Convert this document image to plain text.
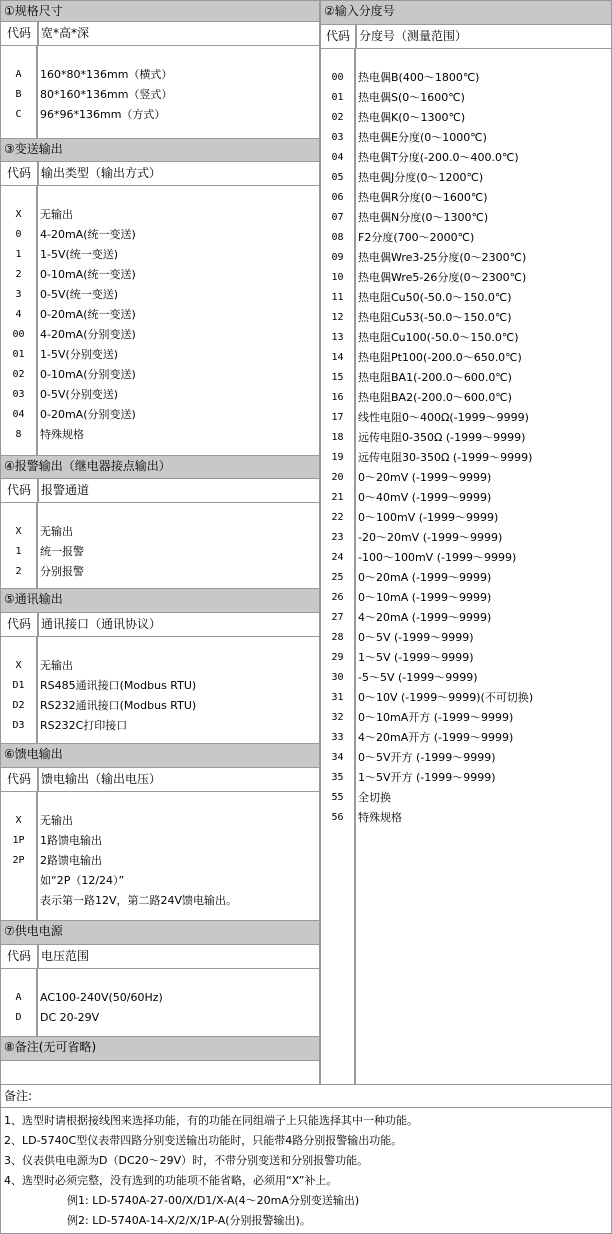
①规格尺寸
代码 宽*高*深
A	160*80*136mm（横式）
B	80*160*136mm（竖式）
C	96*96*136mm（方式）
③变送输出
代码 输出类型（输出方式）
X	无输出
0	4-20mA(统一变送)
1	1-5V(统一变送)
2	0-10mA(统一变送)
3	0-5V(统一变送)
4	0-20mA(统一变送)
00	4-20mA(分别变送)
01	1-5V(分别变送)
02	0-10mA(分别变送)
03	0-5V(分别变送)
04	0-20mA(分别变送)
8	特殊规格
④报警输出（继电器接点输出）
代码 报警通道
X	无输出
1	统一报警
2	分别报警
⑤通讯输出
代码 通讯接口（通讯协议）
X	无输出
D1	RS485通讯接口(Modbus RTU)
D2	RS232通讯接口(Modbus RTU)
D3	RS232C打印接口
⑥馈电输出
代码 馈电输出（输出电压）
X	无输出
1P	1路馈电输出
2P	2路馈电输出
如“2P（12/24）”
表示第一路12V，第二路24V馈电输出。
⑦供电电源
代码 电压范围
A	AC100-240V(50/60Hz)
D	DC 20-29V
⑧备注(无可省略)
②输入分度号
代码 分度号（测量范围）
00	热电偶B(400～1800℃)
01	热电偶S(0～1600℃)
02	热电偶K(0～1300℃)
03	热电偶E分度(0～1000℃)
04	热电偶T分度(-200.0～400.0℃)
05	热电偶J分度(0～1200℃)
06	热电偶R分度(0～1600℃)
07	热电偶N分度(0～1300℃)
08	F2分度(700～2000℃)
09	热电偶Wre3-25分度(0～2300℃)
10	热电偶Wre5-26分度(0～2300℃)
11	热电阻Cu50(-50.0～150.0℃)
12	热电阻Cu53(-50.0～150.0℃)
13	热电阻Cu100(-50.0～150.0℃)
14	热电阻Pt100(-200.0～650.0℃)
15	热电阻BA1(-200.0～600.0℃)
16	热电阻BA2(-200.0～600.0℃)
17	线性电阻0～400Ω(-1999～9999)
18	远传电阻0-350Ω (-1999～9999)
19	远传电阻30-350Ω (-1999～9999)
20	0～20mV (-1999～9999)
21	0～40mV (-1999～9999)
22	0～100mV (-1999～9999)
23	-20～20mV (-1999～9999)
24	-100～100mV (-1999～9999)
25	0～20mA (-1999～9999)
26	0～10mA (-1999～9999)
27	4～20mA (-1999～9999)
28	0～5V (-1999～9999)
29	1～5V (-1999～9999)
30	-5～5V (-1999～9999)
31	0～10V (-1999～9999)(不可切换)
32	0～10mA开方 (-1999～9999)
33	4～20mA开方 (-1999～9999)
34	0～5V开方 (-1999～9999)
35	1～5V开方 (-1999～9999)
55	全切换
56	特殊规格
备注:
1、选型时请根据接线图来选择功能，有的功能在同组端子上只能选择其中一种功能。
2、LD-5740C型仪表带四路分别变送输出功能时，只能带4路分别报警输出功能。
3、仪表供电电源为D（DC20～29V）时，不带分别变送和分别报警功能。
4、选型时必须完整，没有选到的功能项不能省略，必须用“X”补上。
例1: LD-5740A-27-00/X/D1/X-A(4～20mA分别变送输出)
例2: LD-5740A-14-X/2/X/1P-A(分别报警输出)。
